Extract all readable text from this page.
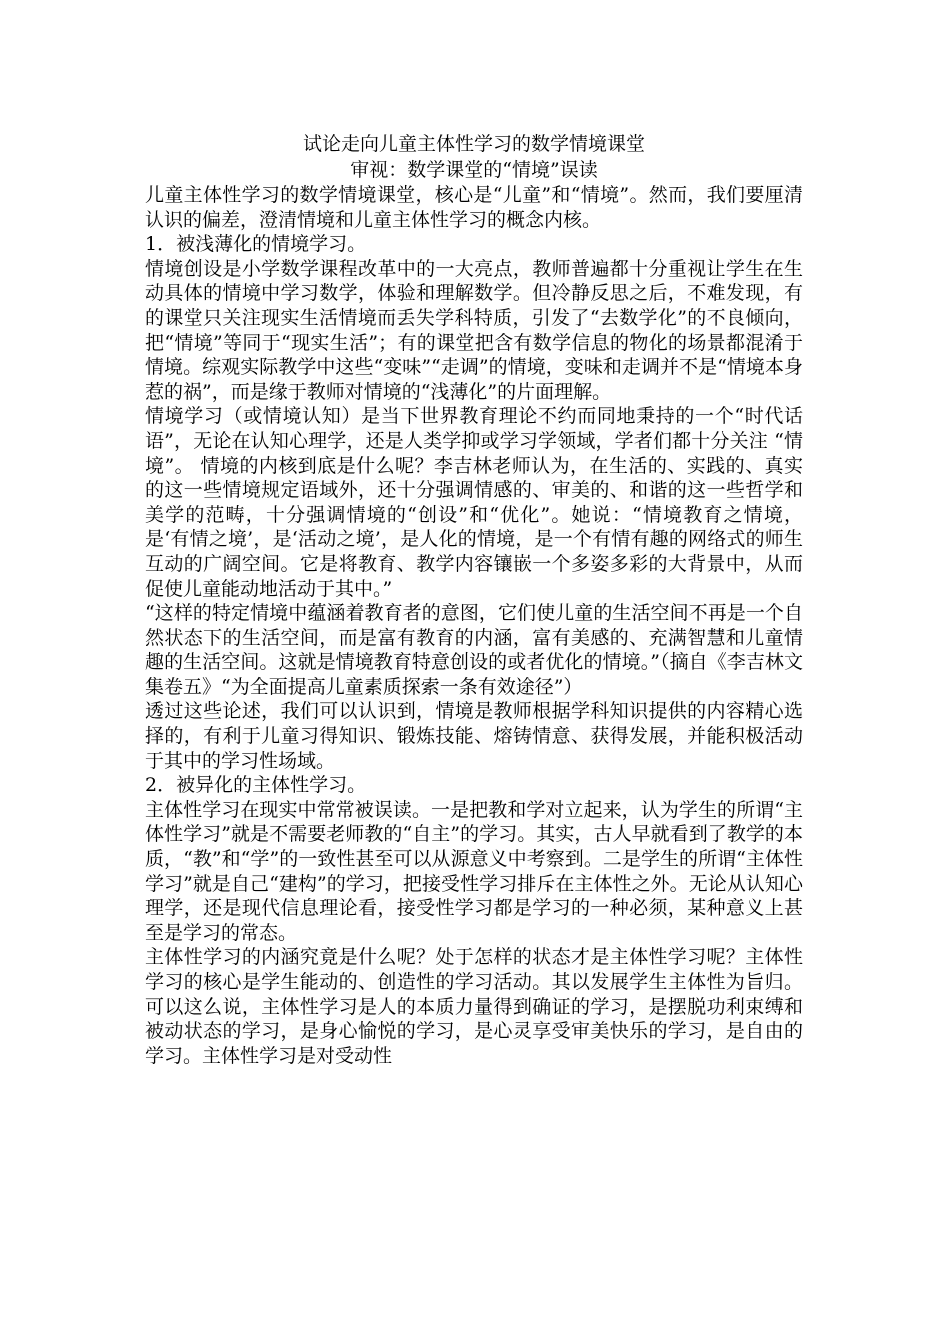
试论走向儿童主体性学习的数学情境课堂
审视：数学课堂的“情境”误读

儿童主体性学习的数学情境课堂，核心是“儿童”和“情境”。然而，我们要厘清认识的偏差，澄清情境和儿童主体性学习的概念内核。

1．被浅薄化的情境学习。

情境创设是小学数学课程改革中的一大亮点，教师普遍都十分重视让学生在生动具体的情境中学习数学，体验和理解数学。但冷静反思之后，不难发现，有的课堂只关注现实生活情境而丢失学科特质，引发了“去数学化”的不良倾向，把“情境”等同于“现实生活”；有的课堂把含有数学信息的物化的场景都混淆于情境。综观实际教学中这些“变味”“走调”的情境，变味和走调并不是“情境本身惹的祸”，而是缘于教师对情境的“浅薄化”的片面理解。

情境学习（或情境认知）是当下世界教育理论不约而同地秉持的一个“时代话语”，无论在认知心理学，还是人类学抑或学习学领域，学者们都十分关注 “情境”。 情境的内核到底是什么呢？李吉林老师认为，在生活的、实践的、真实的这一些情境规定语域外，还十分强调情感的、审美的、和谐的这一些哲学和美学的范畴，十分强调情境的“创设”和“优化”。她说：“情境教育之情境，是‘有情之境’，是‘活动之境’，是人化的情境，是一个有情有趣的网络式的师生互动的广阔空间。它是将教育、教学内容镶嵌一个多姿多彩的大背景中，从而促使儿童能动地活动于其中。”

“这样的特定情境中蕴涵着教育者的意图，它们使儿童的生活空间不再是一个自然状态下的生活空间，而是富有教育的内涵，富有美感的、充满智慧和儿童情趣的生活空间。这就是情境教育特意创设的或者优化的情境。”（摘自《李吉林文集卷五》“为全面提高儿童素质探索一条有效途径”）

透过这些论述，我们可以认识到，情境是教师根据学科知识提供的内容精心选择的，有利于儿童习得知识、锻炼技能、熔铸情意、获得发展，并能积极活动于其中的学习性场域。

2．被异化的主体性学习。

主体性学习在现实中常常被误读。一是把教和学对立起来，认为学生的所谓“主体性学习”就是不需要老师教的“自主”的学习。其实，古人早就看到了教学的本质，“教”和“学”的一致性甚至可以从源意义中考察到。二是学生的所谓“主体性学习”就是自己“建构”的学习，把接受性学习排斥在主体性之外。无论从认知心理学，还是现代信息理论看，接受性学习都是学习的一种必须，某种意义上甚至是学习的常态。

主体性学习的内涵究竟是什么呢？处于怎样的状态才是主体性学习呢？主体性学习的核心是学生能动的、创造性的学习活动。其以发展学生主体性为旨归。可以这么说，主体性学习是人的本质力量得到确证的学习，是摆脱功利束缚和被动状态的学习，是身心愉悦的学习，是心灵享受审美快乐的学习，是自由的学习。主体性学习是对受动性
